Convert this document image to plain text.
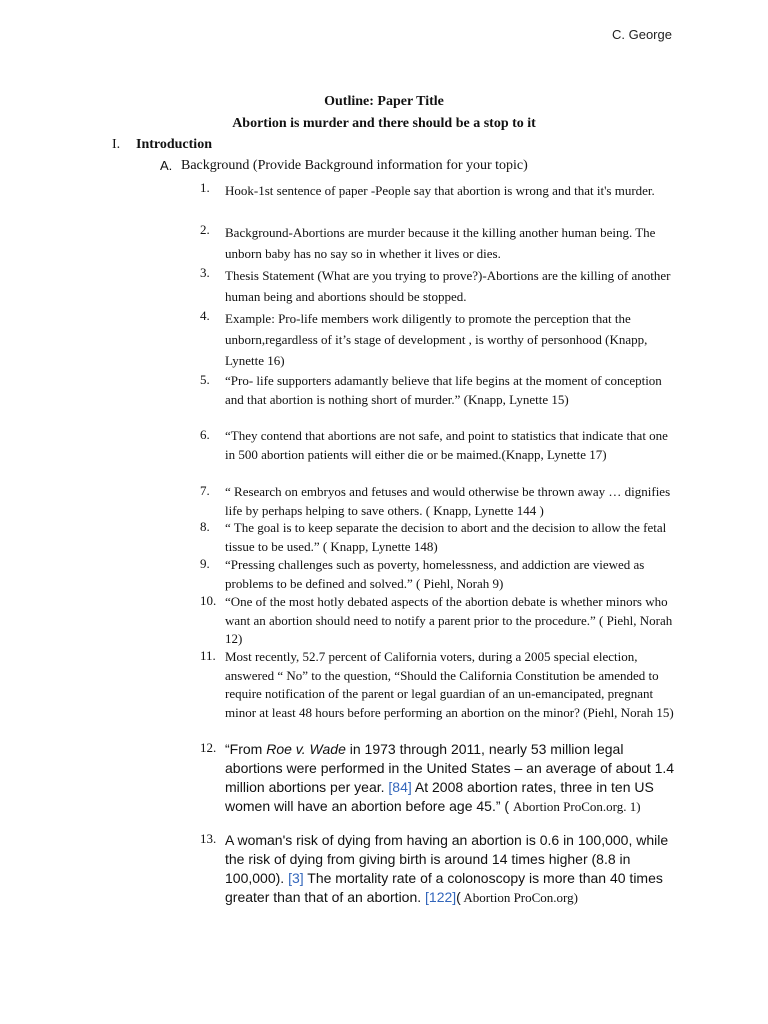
C. George
Outline: Paper Title
Abortion is murder and there should be a stop to it
I. Introduction
A. Background (Provide Background information for your topic)
1.	Hook-1st sentence of paper -People say that abortion is wrong and that it's murder.
2.	Background-Abortions are murder because it the killing another human being. The unborn baby has no say so in whether it lives or dies.
3.	Thesis Statement (What are you trying to prove?)-Abortions are the killing of another human being and abortions should be stopped.
4.	Example: Pro-life members work diligently to promote the perception that the unborn,regardless of it’s stage of development , is worthy of personhood (Knapp, Lynette 16)
5.	“Pro- life supporters adamantly believe that life begins at the moment of conception and that abortion is nothing short of murder.” (Knapp, Lynette 15)
6.	“They contend that abortions are not safe, and point to statistics that indicate that one in 500 abortion patients will either die or be maimed.(Knapp, Lynette 17)
7.	“ Research on embryos and fetuses and would otherwise be thrown away … dignifies life by perhaps helping to save others. ( Knapp, Lynette 144 )
8.	“ The goal is to keep separate the decision to abort and the decision to allow the fetal tissue to be used.” ( Knapp, Lynette 148)
9.	“Pressing challenges such as poverty, homelessness, and addiction are viewed as problems to be defined and solved.” ( Piehl, Norah 9)
10. “One of the most hotly debated aspects of the abortion debate is whether minors who want an abortion should need to notify a parent prior to the procedure.” ( Piehl, Norah 12)
11. Most recently, 52.7 percent of California voters, during a 2005 special election, answered “ No” to the question, “Should the California Constitution be amended to require notification of the parent or legal guardian of an un-emancipated, pregnant minor at least 48 hours before performing an abortion on the minor? (Piehl, Norah 15)
12. “From Roe v. Wade in 1973 through 2011, nearly 53 million legal abortions were performed in the United States – an average of about 1.4 million abortions per year. [84] At 2008 abortion rates, three in ten US women will have an abortion before age 45.” ( Abortion ProCon.org. 1)
13. A woman's risk of dying from having an abortion is 0.6 in 100,000, while the risk of dying from giving birth is around 14 times higher (8.8 in 100,000). [3] The mortality rate of a colonoscopy is more than 40 times greater than that of an abortion. [122]( Abortion ProCon.org)
